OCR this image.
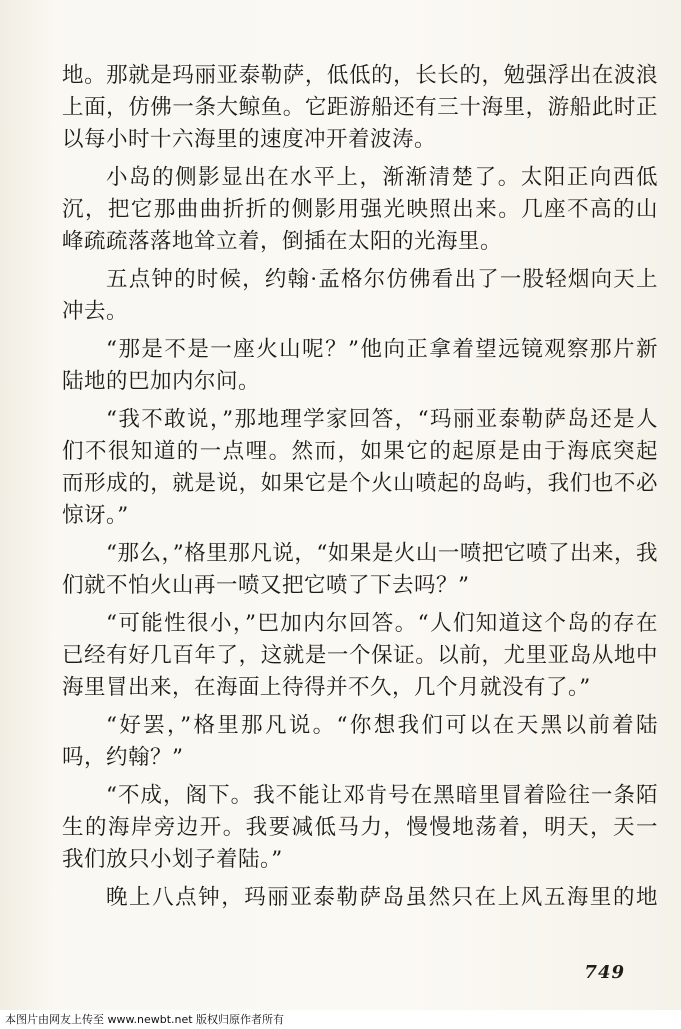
地。那就是玛丽亚泰勒萨，低低的，长长的，勉强浮出在波浪
上面，仿佛一条大鲸鱼。它距游船还有三十海里，游船此时正
以每小时十六海里的速度冲开着波涛。
小岛的侧影显出在水平上，渐渐清楚了。太阳正向西低
沉，把它那曲曲折折的侧影用强光映照出来。几座不高的山
峰疏疏落落地耸立着，倒插在太阳的光海里。
五点钟的时候，约翰·孟格尔仿佛看出了一股轻烟向天上
冲去。
“那是不是一座火山呢？”他向正拿着望远镜观察那片新
陆地的巴加内尔问。
“我不敢说，”那地理学家回答，“玛丽亚泰勒萨岛还是人
们不很知道的一点哩。然而，如果它的起原是由于海底突起
而形成的，就是说，如果它是个火山喷起的岛屿，我们也不必
惊讶。”
“那么，”格里那凡说，“如果是火山一喷把它喷了出来，我
们就不怕火山再一喷又把它喷了下去吗？”
“可能性很小，”巴加内尔回答。“人们知道这个岛的存在
已经有好几百年了，这就是一个保证。以前，尤里亚岛从地中
海里冒出来，在海面上待得并不久，几个月就没有了。”
“好罢，”格里那凡说。“你想我们可以在天黑以前着陆
吗，约翰？”
“不成，阁下。我不能让邓肯号在黑暗里冒着险往一条陌
生的海岸旁边开。我要减低马力，慢慢地荡着，明天，天一
我们放只小划子着陆。”
晚上八点钟，玛丽亚泰勒萨岛虽然只在上风五海里的地
749
本图片由网友上传至 www.newbt.net 版权归原作者所有
